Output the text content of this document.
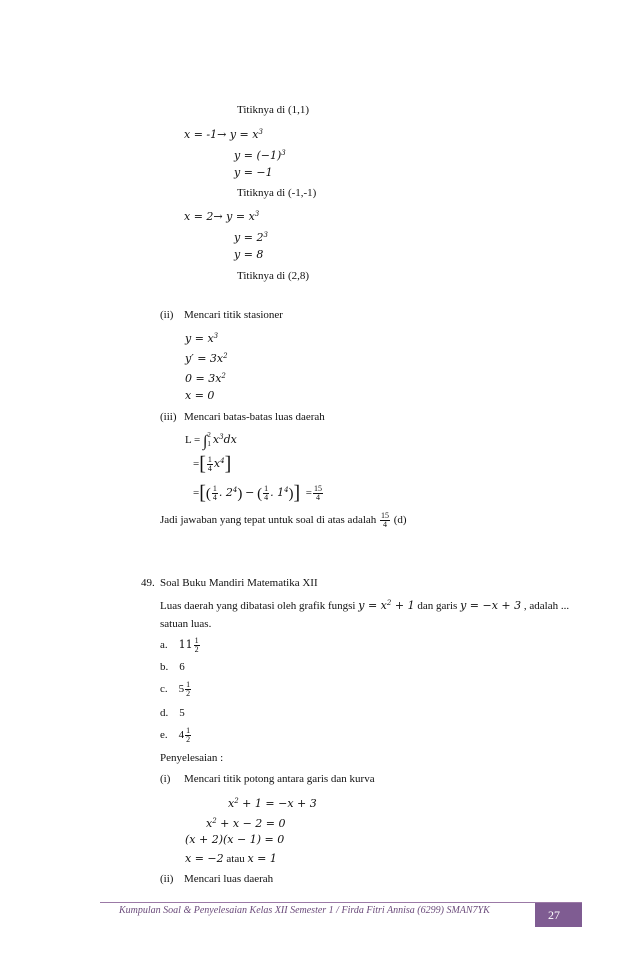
Titiknya di (1,1)
$x = -1\to y = x^3$
$y = (-1)^3$
y = −1
Titiknya di (-1,-1)
$x = 2\to y = x^3$
$y = 2^3$
y = 8
Titiknya di (2,8)
(ii) Mencari titik stasioner
$y = x^3$
$y' = 3x^2$
$0 = 3x^2$
x = 0
(iii) Mencari batas-batas luas daerah
L = ∫ 2
1 $x^3dx$
=[ $\frac{1}{4} x^4$]
=[( $\frac{1}{4}$ . $2^4$) − ( $\frac{1}{4}$ . $1^4)] = \frac{15}{4}$
Jadi jawaban yang tepat untuk soal di atas adalah $\frac{15}{4} (d)$
49. Soal Buku Mandiri Matematika XII
Luas daerah yang dibatasi oleh grafik fungsi $y = x^2 + 1$ dan garis y = −x + 3 , adalah ...
satuan luas.
a. $11 \frac{1}{2}$
b. 6
c. $5 \frac{1}{2}$
d. 5
e. $4 \frac{1}{2}$
Penyelesaian :
(i) Mencari titik potong antara garis dan kurva
$x^2 + 1 = -x + 3$
$x^2 + x - 2 = 0$
(x + 2)(x − 1) = 0
x = −2 atau x = 1
(ii) Mencari luas daerah
Kumpulan Soal & Penyelesaian Kelas XII Semester 1 / Firda Fitri Annisa (6299) SMAN7YK	27
